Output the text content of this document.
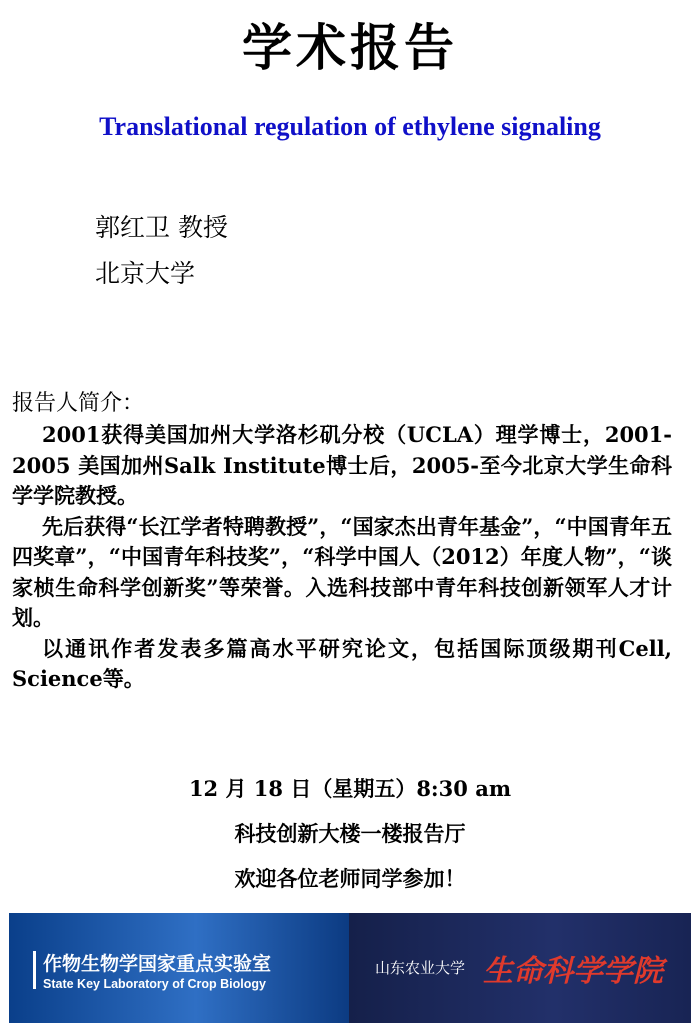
学术报告
Translational regulation of ethylene signaling
郭红卫 教授
北京大学
报告人简介：

2001获得美国加州大学洛杉矶分校（UCLA）理学博士，2001-2005 美国加州Salk Institute博士后，2005-至今北京大学生命科学学院教授。

先后获得“长江学者特聘教授”，“国家杰出青年基金”，“中国青年五四奖章”，“中国青年科技奖”，“科学中国人（2012）年度人物”，“谈家桢生命科学创新奖”等荣誉。入选科技部中青年科技创新领军人才计划。

以通讯作者发表多篇高水平研究论文，包括国际顶级期刊Cell, Science等。

12 月 18 日（星期五）8:30 am
科技创新大楼一楼报告厅
欢迎各位老师同学参加！
作物生物学国家重点实验室
State Key Laboratory of Crop Biology
山东农业大学 生命科学学院
